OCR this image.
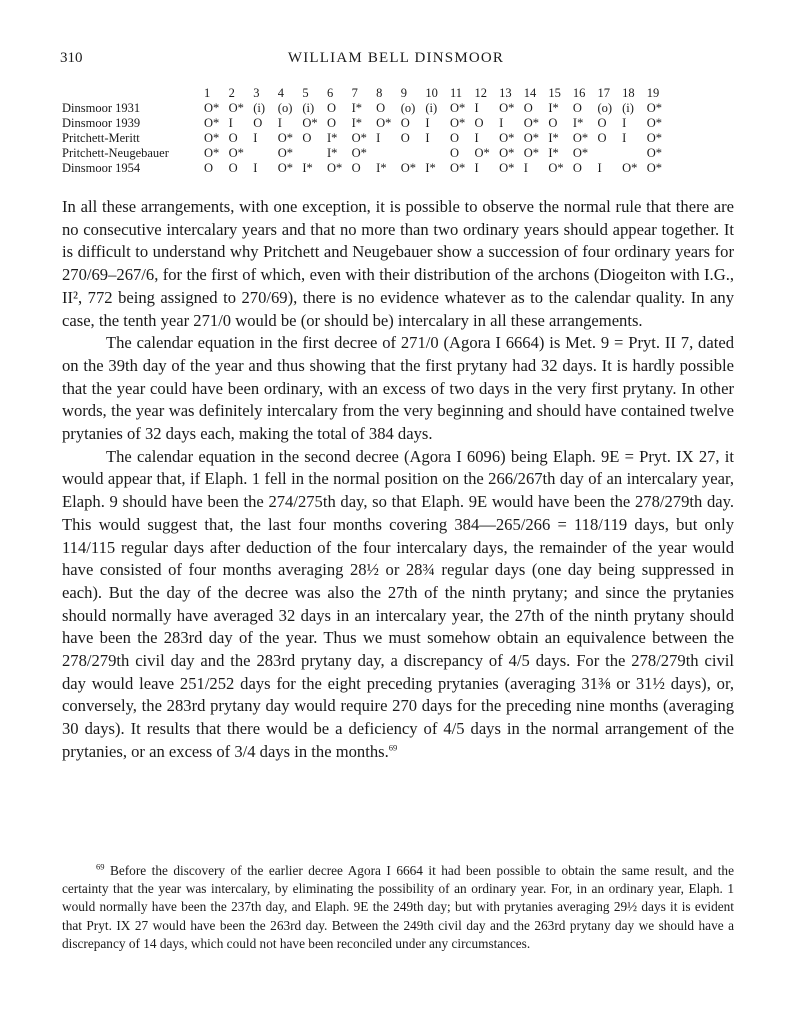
310	WILLIAM BELL DINSMOOR
	1	2	3	4	5	6	7	8	9	10	11	12	13	14	15	16	17	18	19
Dinsmoor 1931	O*	O*	(i)	(o)	(i)	O	I*	O	(o)	(i)	O*	I	O*	O	I*	O	(o)	(i)	O*
Dinsmoor 1939	O*	I	O	I	O*	O	I*	O*	O	I	O*	O	I	O*	O	I*	O	I	O*
Pritchett-Meritt	O*	O	I	O*	O	I*	O*	I	O	I	O	I	O*	O*	I*	O*	O	I	O*
Pritchett-Neugebauer	O*	O*		O*		I*	O*				O	O*	O*	O*	I*	O*			O*
Dinsmoor 1954	O	O	I	O*	I*	O*	O	I*	O*	I*	O*	I	O*	I	O*	O	I	O*	O*

In all these arrangements, with one exception, it is possible to observe the normal rule that there are no consecutive intercalary years and that no more than two ordinary years should appear together. It is difficult to understand why Pritchett and Neugebauer show a succession of four ordinary years for 270/69–267/6, for the first of which, even with their distribution of the archons (Diogeiton with I.G., II², 772 being assigned to 270/69), there is no evidence whatever as to the calendar quality. In any case, the tenth year 271/0 would be (or should be) intercalary in all these arrangements.

The calendar equation in the first decree of 271/0 (Agora I 6664) is Met. 9 = Pryt. II 7, dated on the 39th day of the year and thus showing that the first prytany had 32 days. It is hardly possible that the year could have been ordinary, with an excess of two days in the very first prytany. In other words, the year was definitely intercalary from the very beginning and should have contained twelve prytanies of 32 days each, making the total of 384 days.

The calendar equation in the second decree (Agora I 6096) being Elaph. 9E = Pryt. IX 27, it would appear that, if Elaph. 1 fell in the normal position on the 266/267th day of an intercalary year, Elaph. 9 should have been the 274/275th day, so that Elaph. 9E would have been the 278/279th day. This would suggest that, the last four months covering 384—265/266 = 118/119 days, but only 114/115 regular days after deduction of the four intercalary days, the remainder of the year would have consisted of four months averaging 28½ or 28¾ regular days (one day being suppressed in each). But the day of the decree was also the 27th of the ninth prytany; and since the prytanies should normally have averaged 32 days in an intercalary year, the 27th of the ninth prytany should have been the 283rd day of the year. Thus we must somehow obtain an equivalence between the 278/279th civil day and the 283rd prytany day, a discrepancy of 4/5 days. For the 278/279th civil day would leave 251/252 days for the eight preceding prytanies (averaging 31⅜ or 31½ days), or, conversely, the 283rd prytany day would require 270 days for the preceding nine months (averaging 30 days). It results that there would be a deficiency of 4/5 days in the normal arrangement of the prytanies, or an excess of 3/4 days in the months.$^{69}$

$^{69}$ Before the discovery of the earlier decree Agora I 6664 it had been possible to obtain the same result, and the certainty that the year was intercalary, by eliminating the possibility of an ordinary year. For, in an ordinary year, Elaph. 1 would normally have been the 237th day, and Elaph. 9E the 249th day; but with prytanies averaging 29½ days it is evident that Pryt. IX 27 would have been the 263rd day. Between the 249th civil day and the 263rd prytany day we should have a discrepancy of 14 days, which could not have been reconciled under any circumstances.
